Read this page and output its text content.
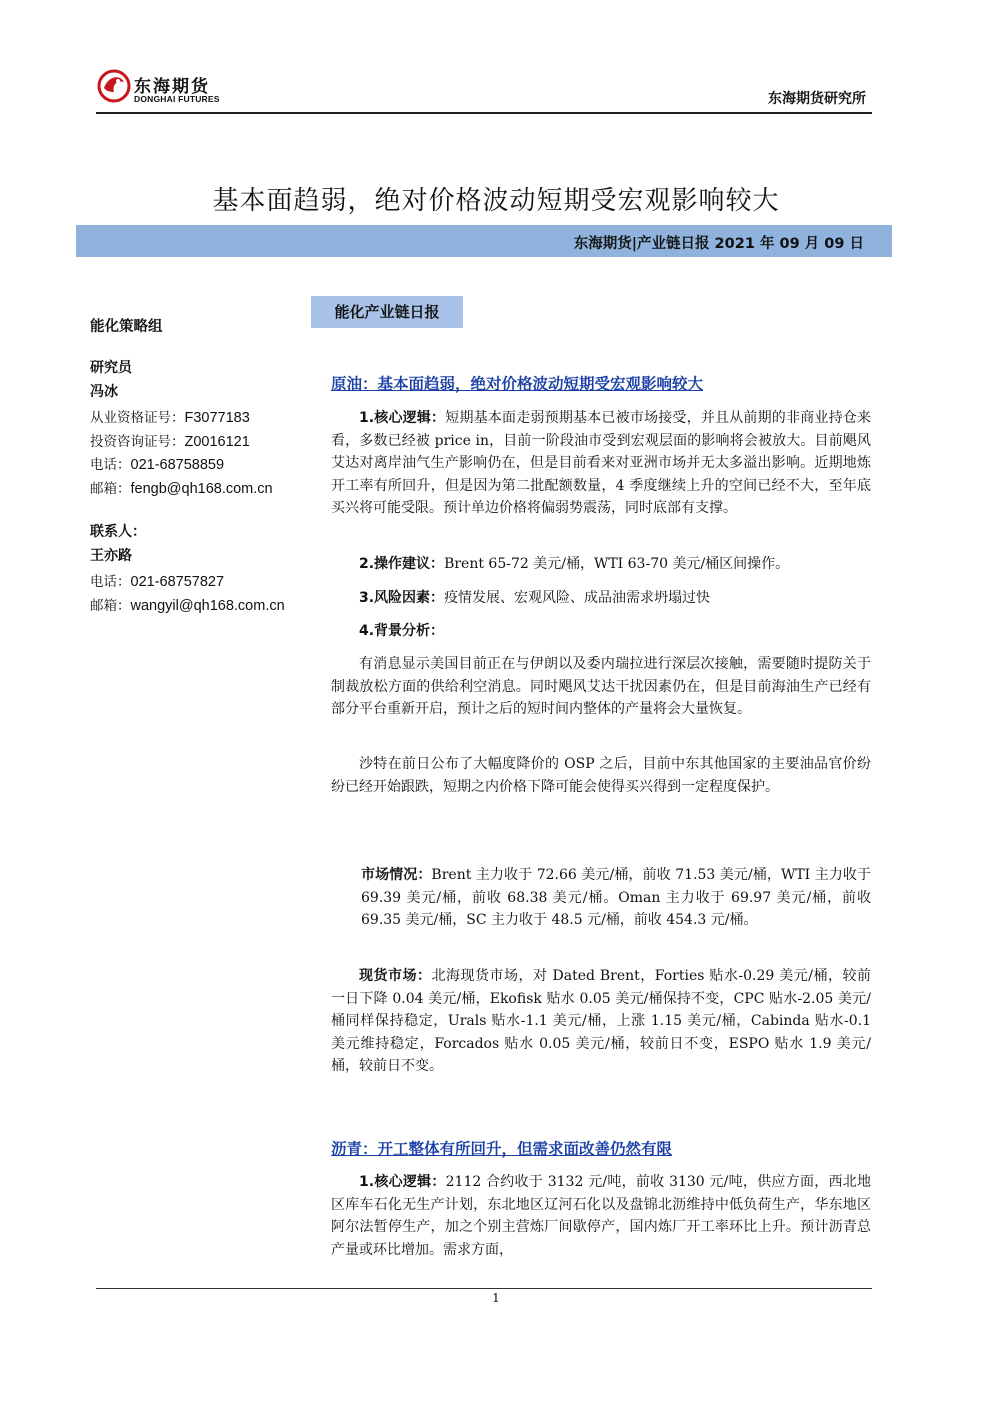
东海期货
DONGHAI FUTURES	东海期货研究所
基本面趋弱，绝对价格波动短期受宏观影响较大
东海期货|产业链日报 2021 年 09 月 09 日
能化策略组
研究员
冯冰
从业资格证号：F3077183
投资咨询证号：Z0016121
电话：021-68758859
邮箱：fengb@qh168.com.cn
联系人：
王亦路
电话：021-68757827
邮箱：wangyil@qh168.com.cn
能化产业链日报
原油：基本面趋弱，绝对价格波动短期受宏观影响较大
1.核心逻辑：短期基本面走弱预期基本已被市场接受，并且从前期的非商业持仓来看，多数已经被 price in，目前一阶段油市受到宏观层面的影响将会被放大。目前飓风艾达对离岸油气生产影响仍在，但是目前看来对亚洲市场并无太多溢出影响。近期地炼开工率有所回升，但是因为第二批配额数量，4 季度继续上升的空间已经不大，至年底买兴将可能受限。预计单边价格将偏弱势震荡，同时底部有支撑。
2.操作建议：Brent 65-72 美元/桶，WTI 63-70 美元/桶区间操作。
3.风险因素：疫情发展、宏观风险、成品油需求坍塌过快
4.背景分析：
有消息显示美国目前正在与伊朗以及委内瑞拉进行深层次接触，需要随时提防关于制裁放松方面的供给利空消息。同时飓风艾达干扰因素仍在，但是目前海油生产已经有部分平台重新开启，预计之后的短时间内整体的产量将会大量恢复。
沙特在前日公布了大幅度降价的 OSP 之后，目前中东其他国家的主要油品官价纷纷已经开始跟跌，短期之内价格下降可能会使得买兴得到一定程度保护。
市场情况：Brent 主力收于 72.66 美元/桶，前收 71.53 美元/桶，WTI 主力收于 69.39 美元/桶，前收 68.38 美元/桶。Oman 主力收于 69.97 美元/桶，前收 69.35 美元/桶，SC 主力收于 48.5 元/桶，前收 454.3 元/桶。
现货市场：北海现货市场，对 Dated Brent，Forties 贴水-0.29 美元/桶，较前一日下降 0.04 美元/桶，Ekofisk 贴水 0.05 美元/桶保持不变，CPC 贴水-2.05 美元/桶同样保持稳定，Urals 贴水-1.1 美元/桶，上涨 1.15 美元/桶，Cabinda 贴水-0.1 美元维持稳定，Forcados 贴水 0.05 美元/桶，较前日不变，ESPO 贴水 1.9 美元/桶，较前日不变。
沥青：开工整体有所回升，但需求面改善仍然有限
1.核心逻辑：2112 合约收于 3132 元/吨，前收 3130 元/吨，供应方面，西北地区库车石化无生产计划，东北地区辽河石化以及盘锦北沥维持中低负荷生产，华东地区阿尔法暂停生产，加之个别主营炼厂间歇停产，国内炼厂开工率环比上升。预计沥青总产量或环比增加。需求方面，
1
